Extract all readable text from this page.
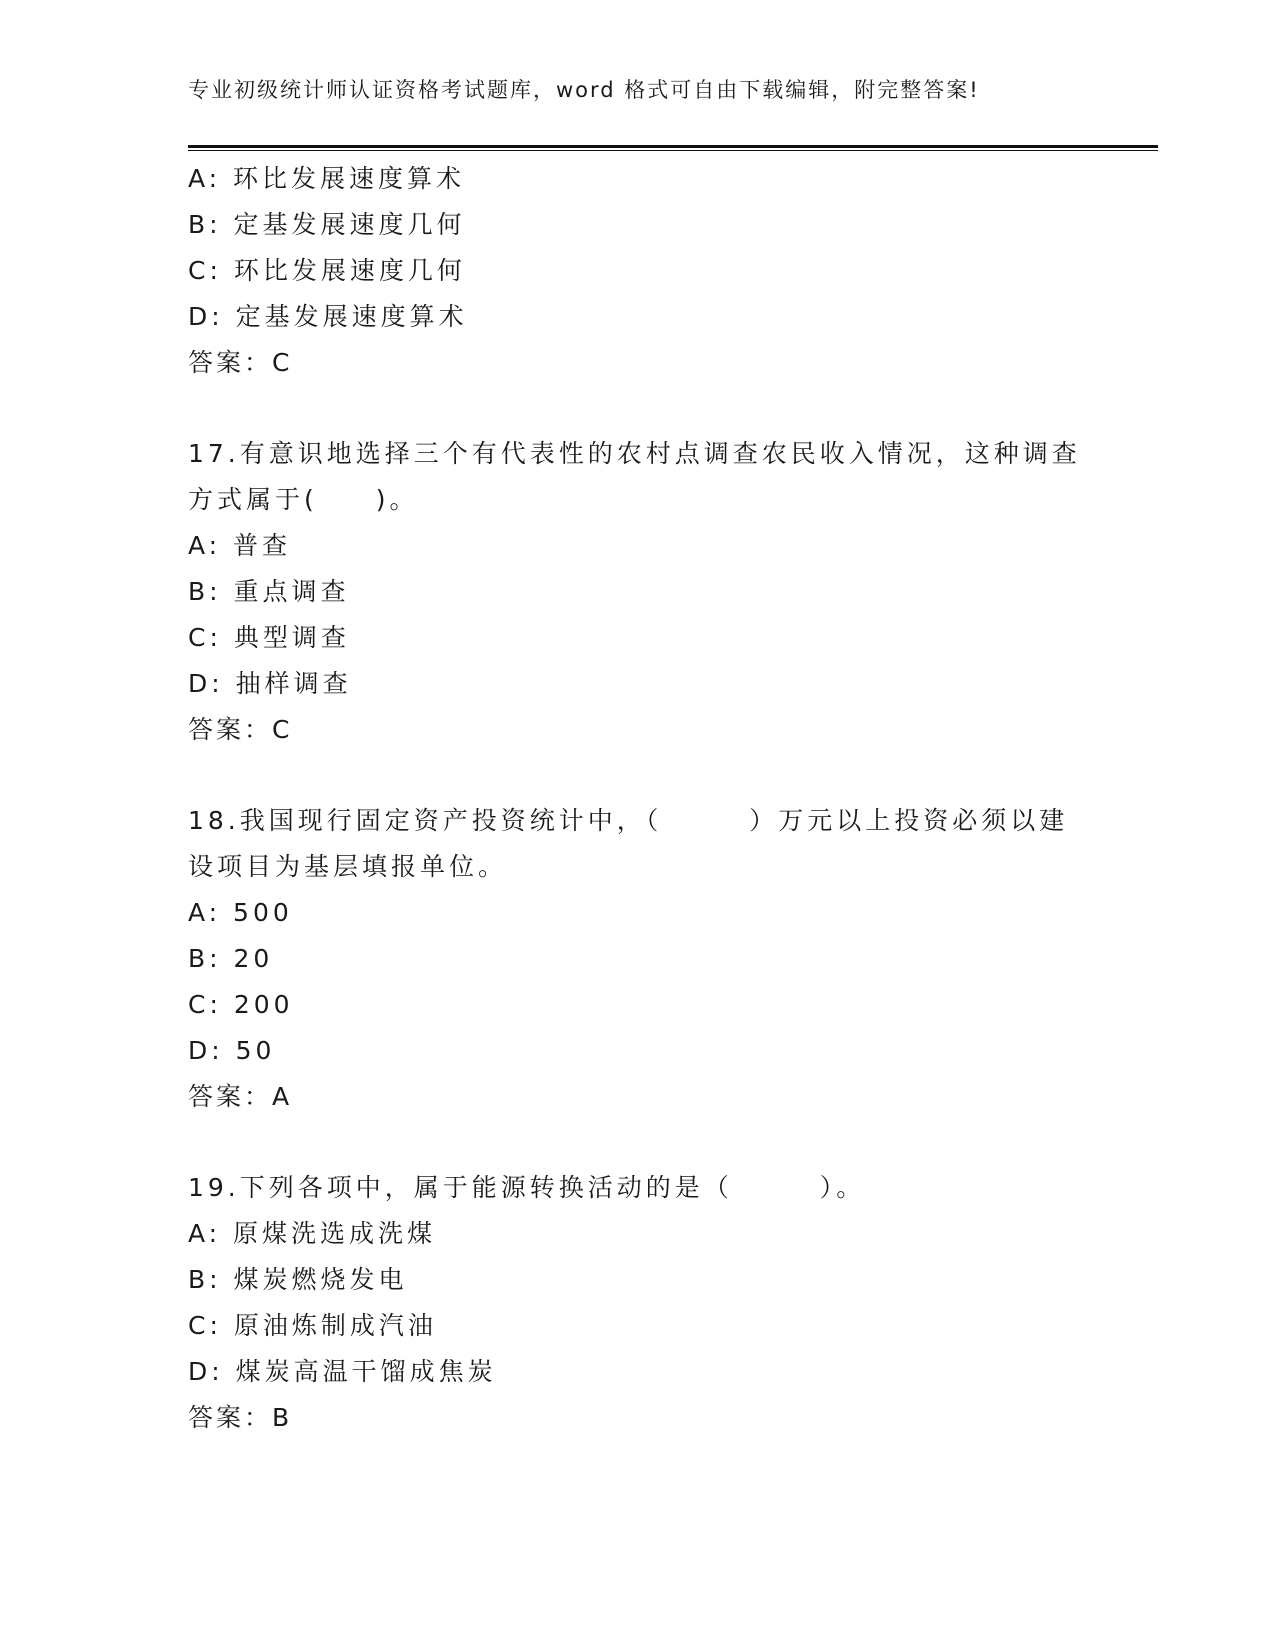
专业初级统计师认证资格考试题库，word 格式可自由下载编辑，附完整答案!
A: 环比发展速度算术
B: 定基发展速度几何
C: 环比发展速度几何
D: 定基发展速度算术
答案：C
17.有意识地选择三个有代表性的农村点调查农民收入情况，这种调查
方式属于(　　)。
A: 普查
B: 重点调查
C: 典型调查
D: 抽样调查
答案：C
18.我国现行固定资产投资统计中，（　　　）万元以上投资必须以建
设项目为基层填报单位。
A: 500
B: 20
C: 200
D: 50
答案：A
19.下列各项中，属于能源转换活动的是（　　　）。
A: 原煤洗选成洗煤
B: 煤炭燃烧发电
C: 原油炼制成汽油
D: 煤炭高温干馏成焦炭
答案：B
